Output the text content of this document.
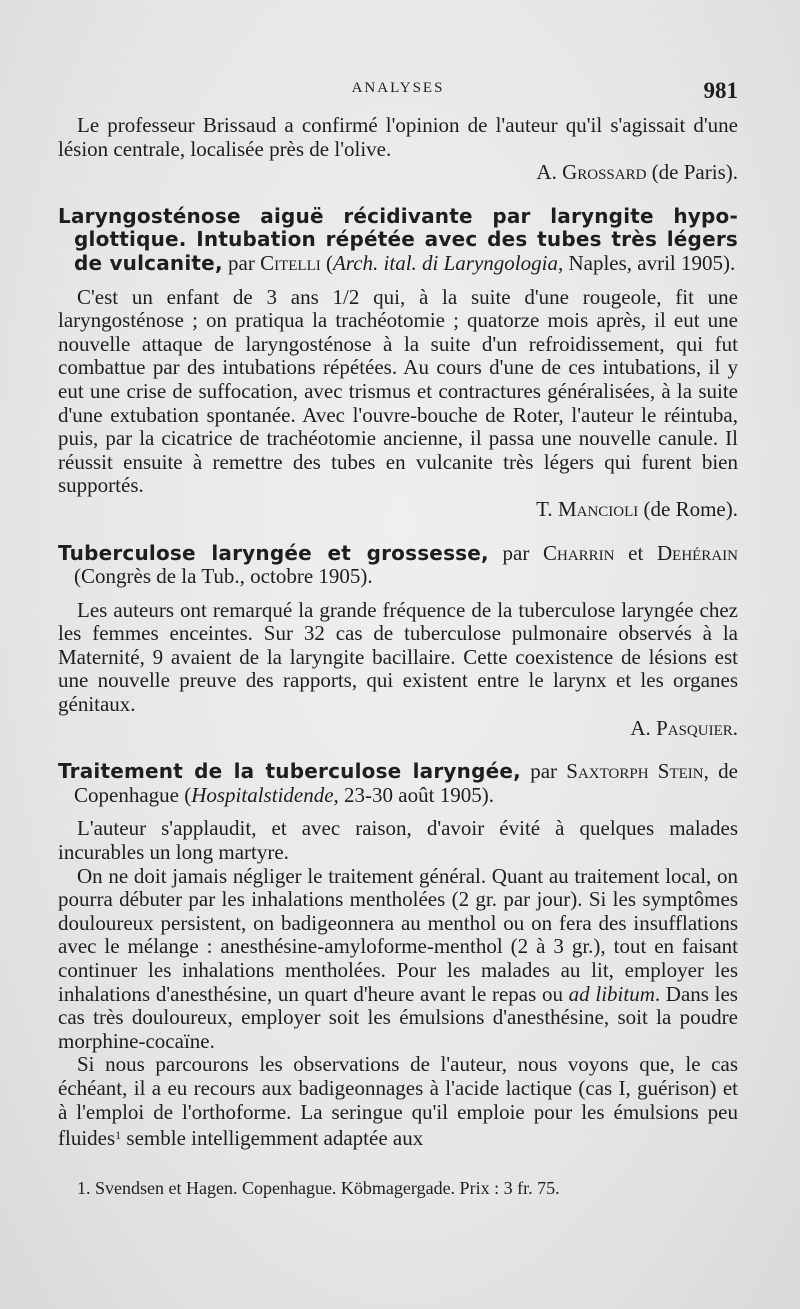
ANALYSES	981

Le professeur Brissaud a confirmé l'opinion de l'auteur qu'il s'agissait d'une lésion centrale, localisée près de l'olive.

A. Grossard (de Paris).

Laryngosténose aiguë récidivante par laryngite hypo-glottique. Intubation répétée avec des tubes très légers de vulcanite, par Citelli (Arch. ital. di Laryngologia, Naples, avril 1905).

C'est un enfant de 3 ans 1/2 qui, à la suite d'une rougeole, fit une laryngosténose ; on pratiqua la trachéotomie ; quatorze mois après, il eut une nouvelle attaque de laryngosténose à la suite d'un refroidissement, qui fut combattue par des intubations répétées. Au cours d'une de ces intubations, il y eut une crise de suffocation, avec trismus et contractures généralisées, à la suite d'une extubation spontanée. Avec l'ouvre-bouche de Roter, l'auteur le réintuba, puis, par la cicatrice de trachéotomie ancienne, il passa une nouvelle canule. Il réussit ensuite à remettre des tubes en vulcanite très légers qui furent bien supportés.

T. Mancioli (de Rome).

Tuberculose laryngée et grossesse, par Charrin et Dehérain (Congrès de la Tub., octobre 1905).

Les auteurs ont remarqué la grande fréquence de la tuberculose laryngée chez les femmes enceintes. Sur 32 cas de tuberculose pulmonaire observés à la Maternité, 9 avaient de la laryngite bacillaire. Cette coexistence de lésions est une nouvelle preuve des rapports, qui existent entre le larynx et les organes génitaux.

A. Pasquier.

Traitement de la tuberculose laryngée, par Saxtorph Stein, de Copenhague (Hospitalstidende, 23-30 août 1905).

L'auteur s'applaudit, et avec raison, d'avoir évité à quelques malades incurables un long martyre.

On ne doit jamais négliger le traitement général. Quant au traitement local, on pourra débuter par les inhalations mentholées (2 gr. par jour). Si les symptômes douloureux persistent, on badigeonnera au menthol ou on fera des insufflations avec le mélange : anesthésine-amyloforme-menthol (2 à 3 gr.), tout en faisant continuer les inhalations mentholées. Pour les malades au lit, employer les inhalations d'anesthésine, un quart d'heure avant le repas ou ad libitum. Dans les cas très douloureux, employer soit les émulsions d'anesthésine, soit la poudre morphine-cocaïne.

Si nous parcourons les observations de l'auteur, nous voyons que, le cas échéant, il a eu recours aux badigeonnages à l'acide lactique (cas I, guérison) et à l'emploi de l'orthoforme. La seringue qu'il emploie pour les émulsions peu fluides$^1$ semble intelligemment adaptée aux

1. Svendsen et Hagen. Copenhague. Köbmagergade. Prix : 3 fr. 75.
